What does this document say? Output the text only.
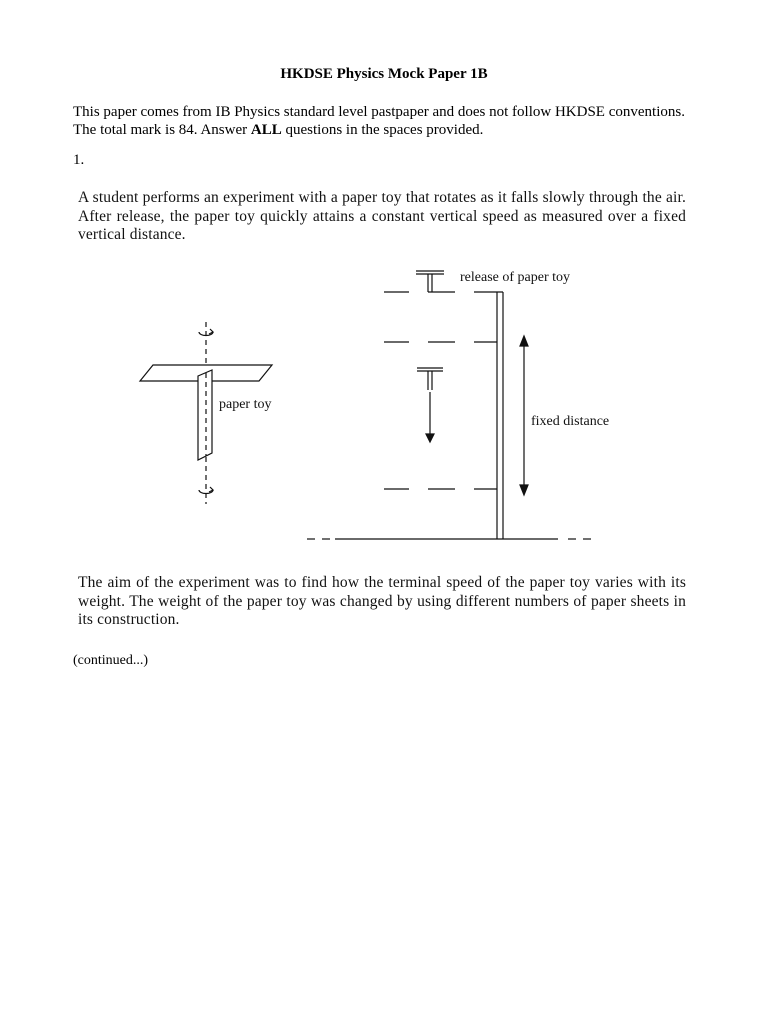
HKDSE Physics Mock Paper 1B
This paper comes from IB Physics standard level pastpaper and does not follow HKDSE conventions. The total mark is 84. Answer ALL questions in the spaces provided.
1.
A student performs an experiment with a paper toy that rotates as it falls slowly through the air. After release, the paper toy quickly attains a constant vertical speed as measured over a fixed vertical distance.
paper toy
release of paper toy
fixed distance
The aim of the experiment was to find how the terminal speed of the paper toy varies with its weight. The weight of the paper toy was changed by using different numbers of paper sheets in its construction.
(continued...)
